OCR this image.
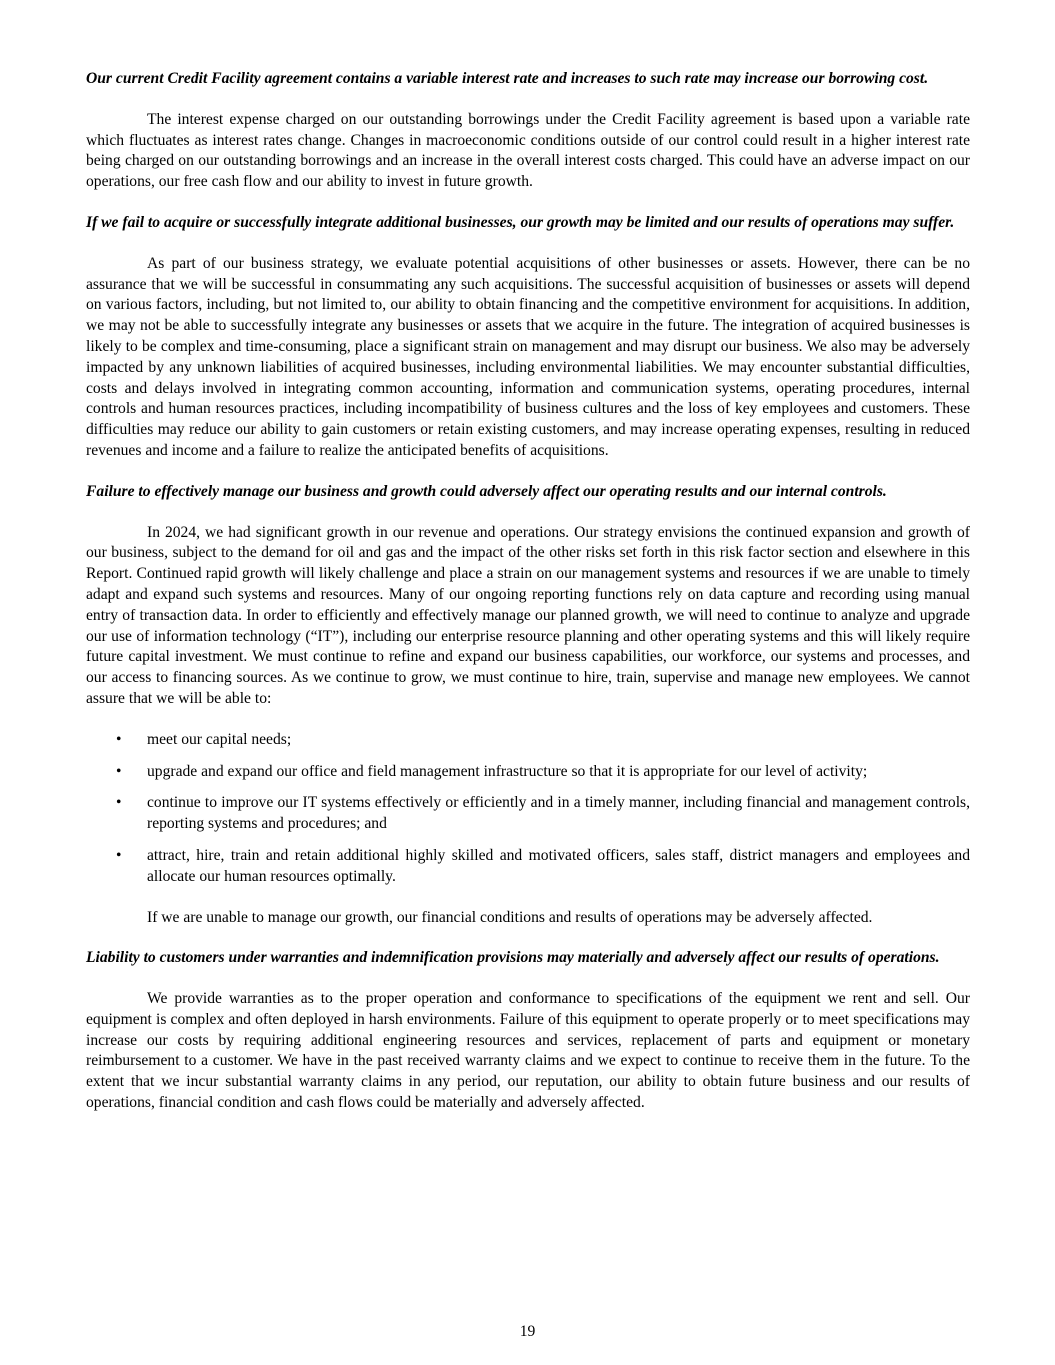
Our current Credit Facility agreement contains a variable interest rate and increases to such rate may increase our borrowing cost.

The interest expense charged on our outstanding borrowings under the Credit Facility agreement is based upon a variable rate which fluctuates as interest rates change. Changes in macroeconomic conditions outside of our control could result in a higher interest rate being charged on our outstanding borrowings and an increase in the overall interest costs charged. This could have an adverse impact on our operations, our free cash flow and our ability to invest in future growth.

If we fail to acquire or successfully integrate additional businesses, our growth may be limited and our results of operations may suffer.

As part of our business strategy, we evaluate potential acquisitions of other businesses or assets. However, there can be no assurance that we will be successful in consummating any such acquisitions. The successful acquisition of businesses or assets will depend on various factors, including, but not limited to, our ability to obtain financing and the competitive environment for acquisitions. In addition, we may not be able to successfully integrate any businesses or assets that we acquire in the future. The integration of acquired businesses is likely to be complex and time-consuming, place a significant strain on management and may disrupt our business. We also may be adversely impacted by any unknown liabilities of acquired businesses, including environmental liabilities. We may encounter substantial difficulties, costs and delays involved in integrating common accounting, information and communication systems, operating procedures, internal controls and human resources practices, including incompatibility of business cultures and the loss of key employees and customers. These difficulties may reduce our ability to gain customers or retain existing customers, and may increase operating expenses, resulting in reduced revenues and income and a failure to realize the anticipated benefits of acquisitions.

Failure to effectively manage our business and growth could adversely affect our operating results and our internal controls.

In 2024, we had significant growth in our revenue and operations. Our strategy envisions the continued expansion and growth of our business, subject to the demand for oil and gas and the impact of the other risks set forth in this risk factor section and elsewhere in this Report. Continued rapid growth will likely challenge and place a strain on our management systems and resources if we are unable to timely adapt and expand such systems and resources. Many of our ongoing reporting functions rely on data capture and recording using manual entry of transaction data. In order to efficiently and effectively manage our planned growth, we will need to continue to analyze and upgrade our use of information technology (“IT”), including our enterprise resource planning and other operating systems and this will likely require future capital investment. We must continue to refine and expand our business capabilities, our workforce, our systems and processes, and our access to financing sources. As we continue to grow, we must continue to hire, train, supervise and manage new employees. We cannot assure that we will be able to:

• meet our capital needs;
• upgrade and expand our office and field management infrastructure so that it is appropriate for our level of activity;
• continue to improve our IT systems effectively or efficiently and in a timely manner, including financial and management controls, reporting systems and procedures; and
• attract, hire, train and retain additional highly skilled and motivated officers, sales staff, district managers and employees and allocate our human resources optimally.

If we are unable to manage our growth, our financial conditions and results of operations may be adversely affected.

Liability to customers under warranties and indemnification provisions may materially and adversely affect our results of operations.

We provide warranties as to the proper operation and conformance to specifications of the equipment we rent and sell. Our equipment is complex and often deployed in harsh environments. Failure of this equipment to operate properly or to meet specifications may increase our costs by requiring additional engineering resources and services, replacement of parts and equipment or monetary reimbursement to a customer. We have in the past received warranty claims and we expect to continue to receive them in the future. To the extent that we incur substantial warranty claims in any period, our reputation, our ability to obtain future business and our results of operations, financial condition and cash flows could be materially and adversely affected.

19
